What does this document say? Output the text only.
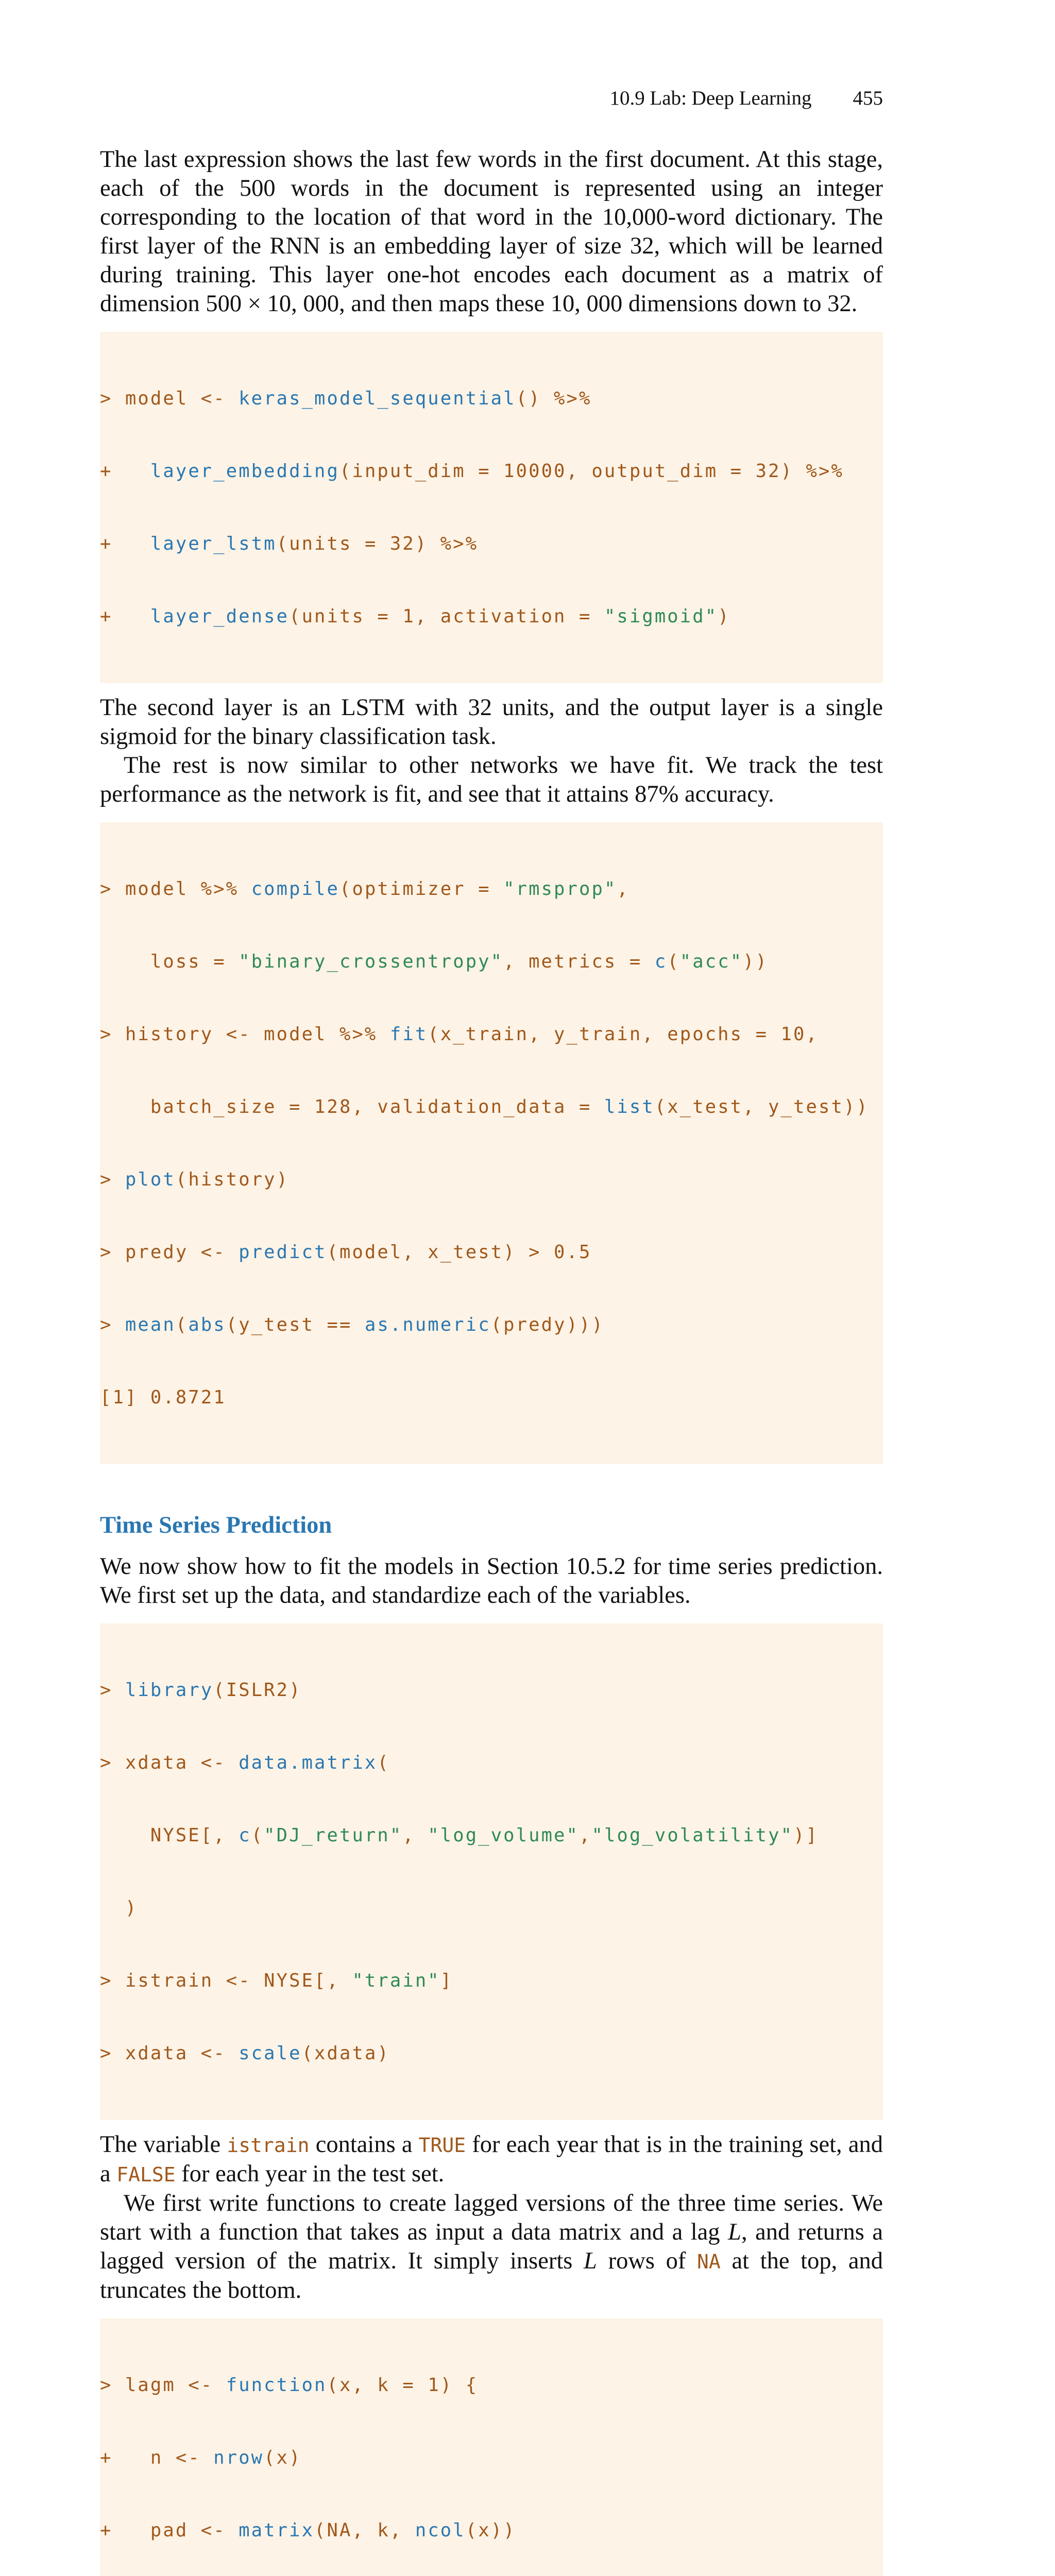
10.9 Lab: Deep Learning 455

The last expression shows the last few words in the first document. At this stage, each of the 500 words in the document is represented using an integer corresponding to the location of that word in the 10,000-word dictionary. The first layer of the RNN is an embedding layer of size 32, which will be learned during training. This layer one-hot encodes each document as a matrix of dimension 500 × 10, 000, and then maps these 10, 000 dimensions down to 32.

> model <- keras_model_sequential() %>%

+   layer_embedding(input_dim = 10000, output_dim = 32) %>%

+   layer_lstm(units = 32) %>%

+   layer_dense(units = 1, activation = "sigmoid")

The second layer is an LSTM with 32 units, and the output layer is a single sigmoid for the binary classification task.

The rest is now similar to other networks we have fit. We track the test performance as the network is fit, and see that it attains 87% accuracy.

> model %>% compile(optimizer = "rmsprop",

loss = "binary_crossentropy", metrics = c("acc"))

> history <- model %>% fit(x_train, y_train, epochs = 10,

batch_size = 128, validation_data = list(x_test, y_test))

> plot(history)

> predy <- predict(model, x_test) > 0.5

> mean(abs(y_test == as.numeric(predy)))

[1] 0.8721

Time Series Prediction

We now show how to fit the models in Section 10.5.2 for time series prediction. We first set up the data, and standardize each of the variables.

> library(ISLR2)

> xdata <- data.matrix(

NYSE[, c("DJ_return", "log_volume","log_volatility")]

)

> istrain <- NYSE[, "train"]

> xdata <- scale(xdata)

The variable istrain contains a TRUE for each year that is in the training set, and a FALSE for each year in the test set.

We first write functions to create lagged versions of the three time series. We start with a function that takes as input a data matrix and a lag L, and returns a lagged version of the matrix. It simply inserts L rows of NA at the top, and truncates the bottom.

> lagm <- function(x, k = 1) {

+   n <- nrow(x)

+   pad <- matrix(NA, k, ncol(x))
